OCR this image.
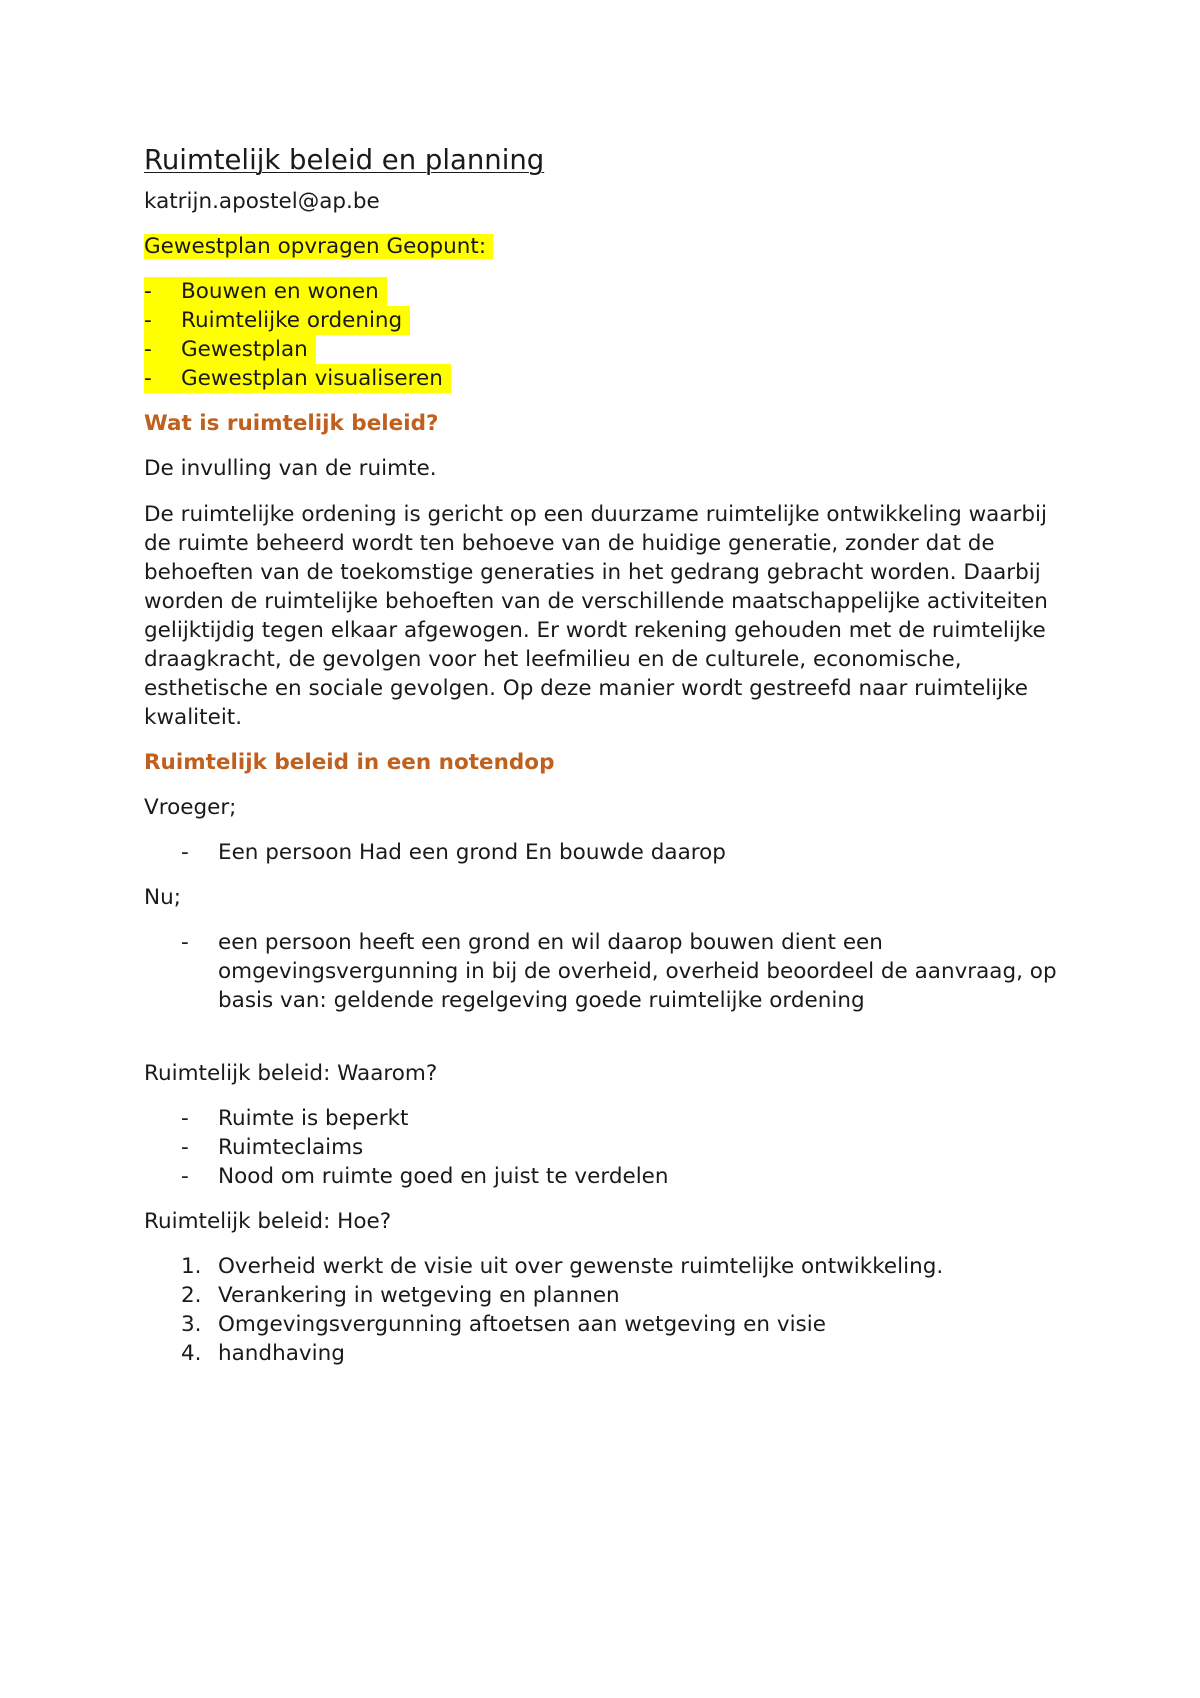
Ruimtelijk beleid en planning

katrijn.apostel@ap.be

Gewestplan opvragen Geopunt:

- Bouwen en wonen
- Ruimtelijke ordening
- Gewestplan
- Gewestplan visualiseren
Wat is ruimtelijk beleid?

De invulling van de ruimte.

De ruimtelijke ordening is gericht op een duurzame ruimtelijke ontwikkeling waarbij de ruimte beheerd wordt ten behoeve van de huidige generatie, zonder dat de behoeften van de toekomstige generaties in het gedrang gebracht worden. Daarbij worden de ruimtelijke behoeften van de verschillende maatschappelijke activiteiten gelijktijdig tegen elkaar afgewogen. Er wordt rekening gehouden met de ruimtelijke draagkracht, de gevolgen voor het leefmilieu en de culturele, economische, esthetische en sociale gevolgen. Op deze manier wordt gestreefd naar ruimtelijke kwaliteit.

Ruimtelijk beleid in een notendop

Vroeger;

-	Een persoon Had een grond En bouwde daarop

Nu;

-	een persoon heeft een grond en wil daarop bouwen dient een omgevingsvergunning in bij de overheid, overheid beoordeel de aanvraag, op basis van: geldende regelgeving goede ruimtelijke ordening

Ruimtelijk beleid: Waarom?

-	Ruimte is beperkt
-	Ruimteclaims
-	Nood om ruimte goed en juist te verdelen

Ruimtelijk beleid: Hoe?

1. Overheid werkt de visie uit over gewenste ruimtelijke ontwikkeling.
2. Verankering in wetgeving en plannen
3. Omgevingsvergunning aftoetsen aan wetgeving en visie
4. handhaving
